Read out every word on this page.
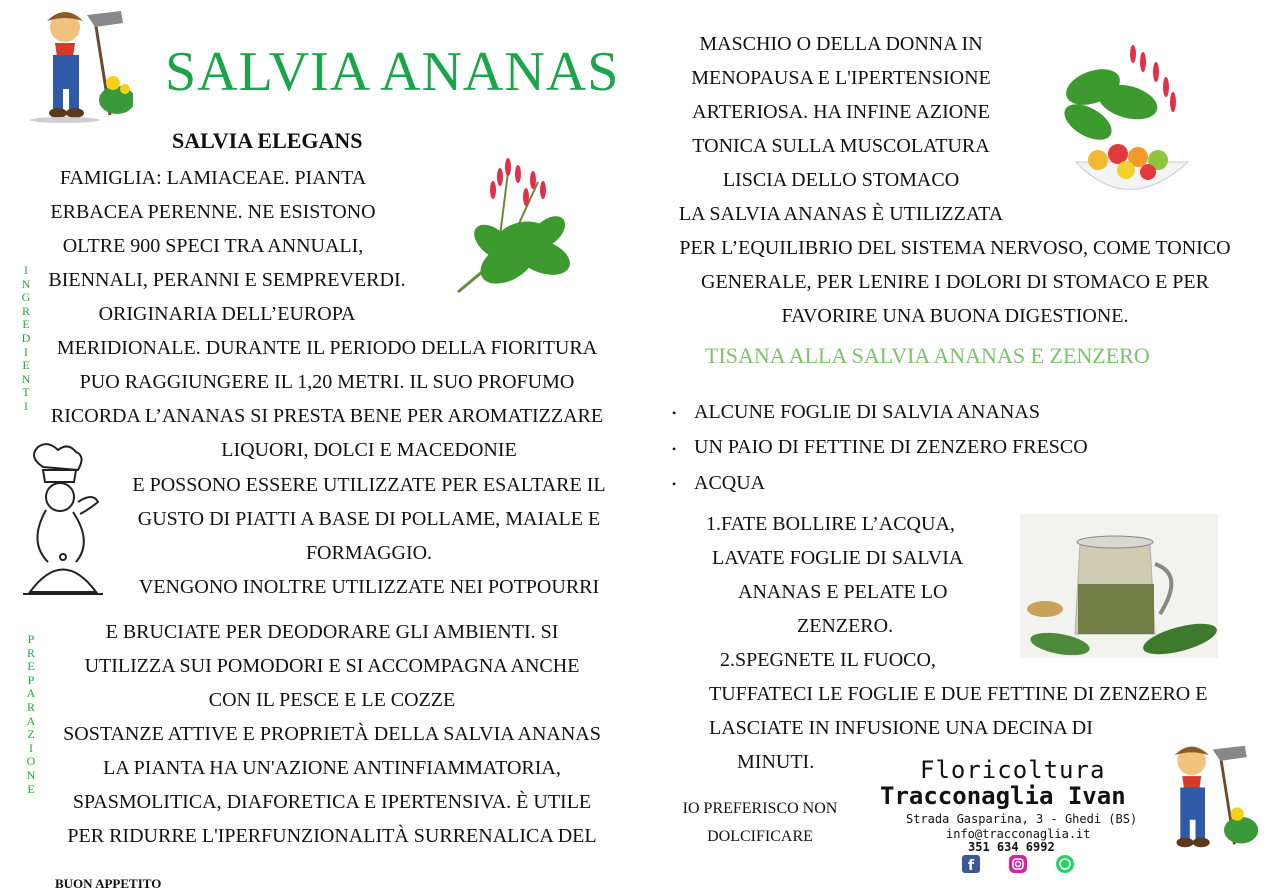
SALVIA ANANAS
SALVIA ELEGANS
I
N
G
R
E
D
I
E
N
T
I
P
R
E
P
A
R
A
Z
I
O
N
E
FAMIGLIA: LAMIACEAE. PIANTA
ERBACEA PERENNE. NE ESISTONO
OLTRE 900 SPECI TRA ANNUALI,
BIENNALI, PERANNI E SEMPREVERDI.
ORIGINARIA DELL’EUROPA
MERIDIONALE. DURANTE IL PERIODO DELLA FIORITURA
PUO RAGGIUNGERE IL 1,20 METRI. IL SUO PROFUMO
RICORDA L’ANANAS SI PRESTA BENE PER AROMATIZZARE
LIQUORI, DOLCI E MACEDONIE
E POSSONO ESSERE UTILIZZATE PER ESALTARE IL
GUSTO DI PIATTI A BASE DI POLLAME, MAIALE E
FORMAGGIO.
VENGONO INOLTRE UTILIZZATE NEI POTPOURRI
E BRUCIATE PER DEODORARE GLI AMBIENTI. SI
UTILIZZA SUI POMODORI E SI ACCOMPAGNA ANCHE
CON IL PESCE E LE COZZE
SOSTANZE ATTIVE E PROPRIETÀ DELLA SALVIA ANANAS
LA PIANTA HA UN'AZIONE ANTINFIAMMATORIA,
SPASMOLITICA, DIAFORETICA E IPERTENSIVA. È UTILE
PER RIDURRE L'IPERFUNZIONALITÀ SURRENALICA DEL
BUON APPETITO
MASCHIO O DELLA DONNA IN
MENOPAUSA E L'IPERTENSIONE
ARTERIOSA. HA INFINE AZIONE
TONICA SULLA MUSCOLATURA
LISCIA DELLO STOMACO
LA SALVIA ANANAS È UTILIZZATA
PER L’EQUILIBRIO DEL SISTEMA NERVOSO, COME TONICO
GENERALE, PER LENIRE I DOLORI DI STOMACO E PER
FAVORIRE UNA BUONA DIGESTIONE.
TISANA ALLA SALVIA ANANAS E ZENZERO
• ALCUNE FOGLIE DI SALVIA ANANAS
• UN PAIO DI FETTINE DI ZENZERO FRESCO
• ACQUA
1.FATE BOLLIRE L’ACQUA,
LAVATE FOGLIE DI SALVIA
ANANAS E PELATE LO
ZENZERO.
2.SPEGNETE IL FUOCO,
TUFFATECI LE FOGLIE E DUE FETTINE DI ZENZERO E
LASCIATE IN INFUSIONE UNA DECINA DI
MINUTI.
IO PREFERISCO NON
DOLCIFICARE
Floricoltura
Tracconaglia Ivan
Strada Gasparina, 3 - Ghedi (BS)
info@tracconaglia.it
351 634 6992
f
